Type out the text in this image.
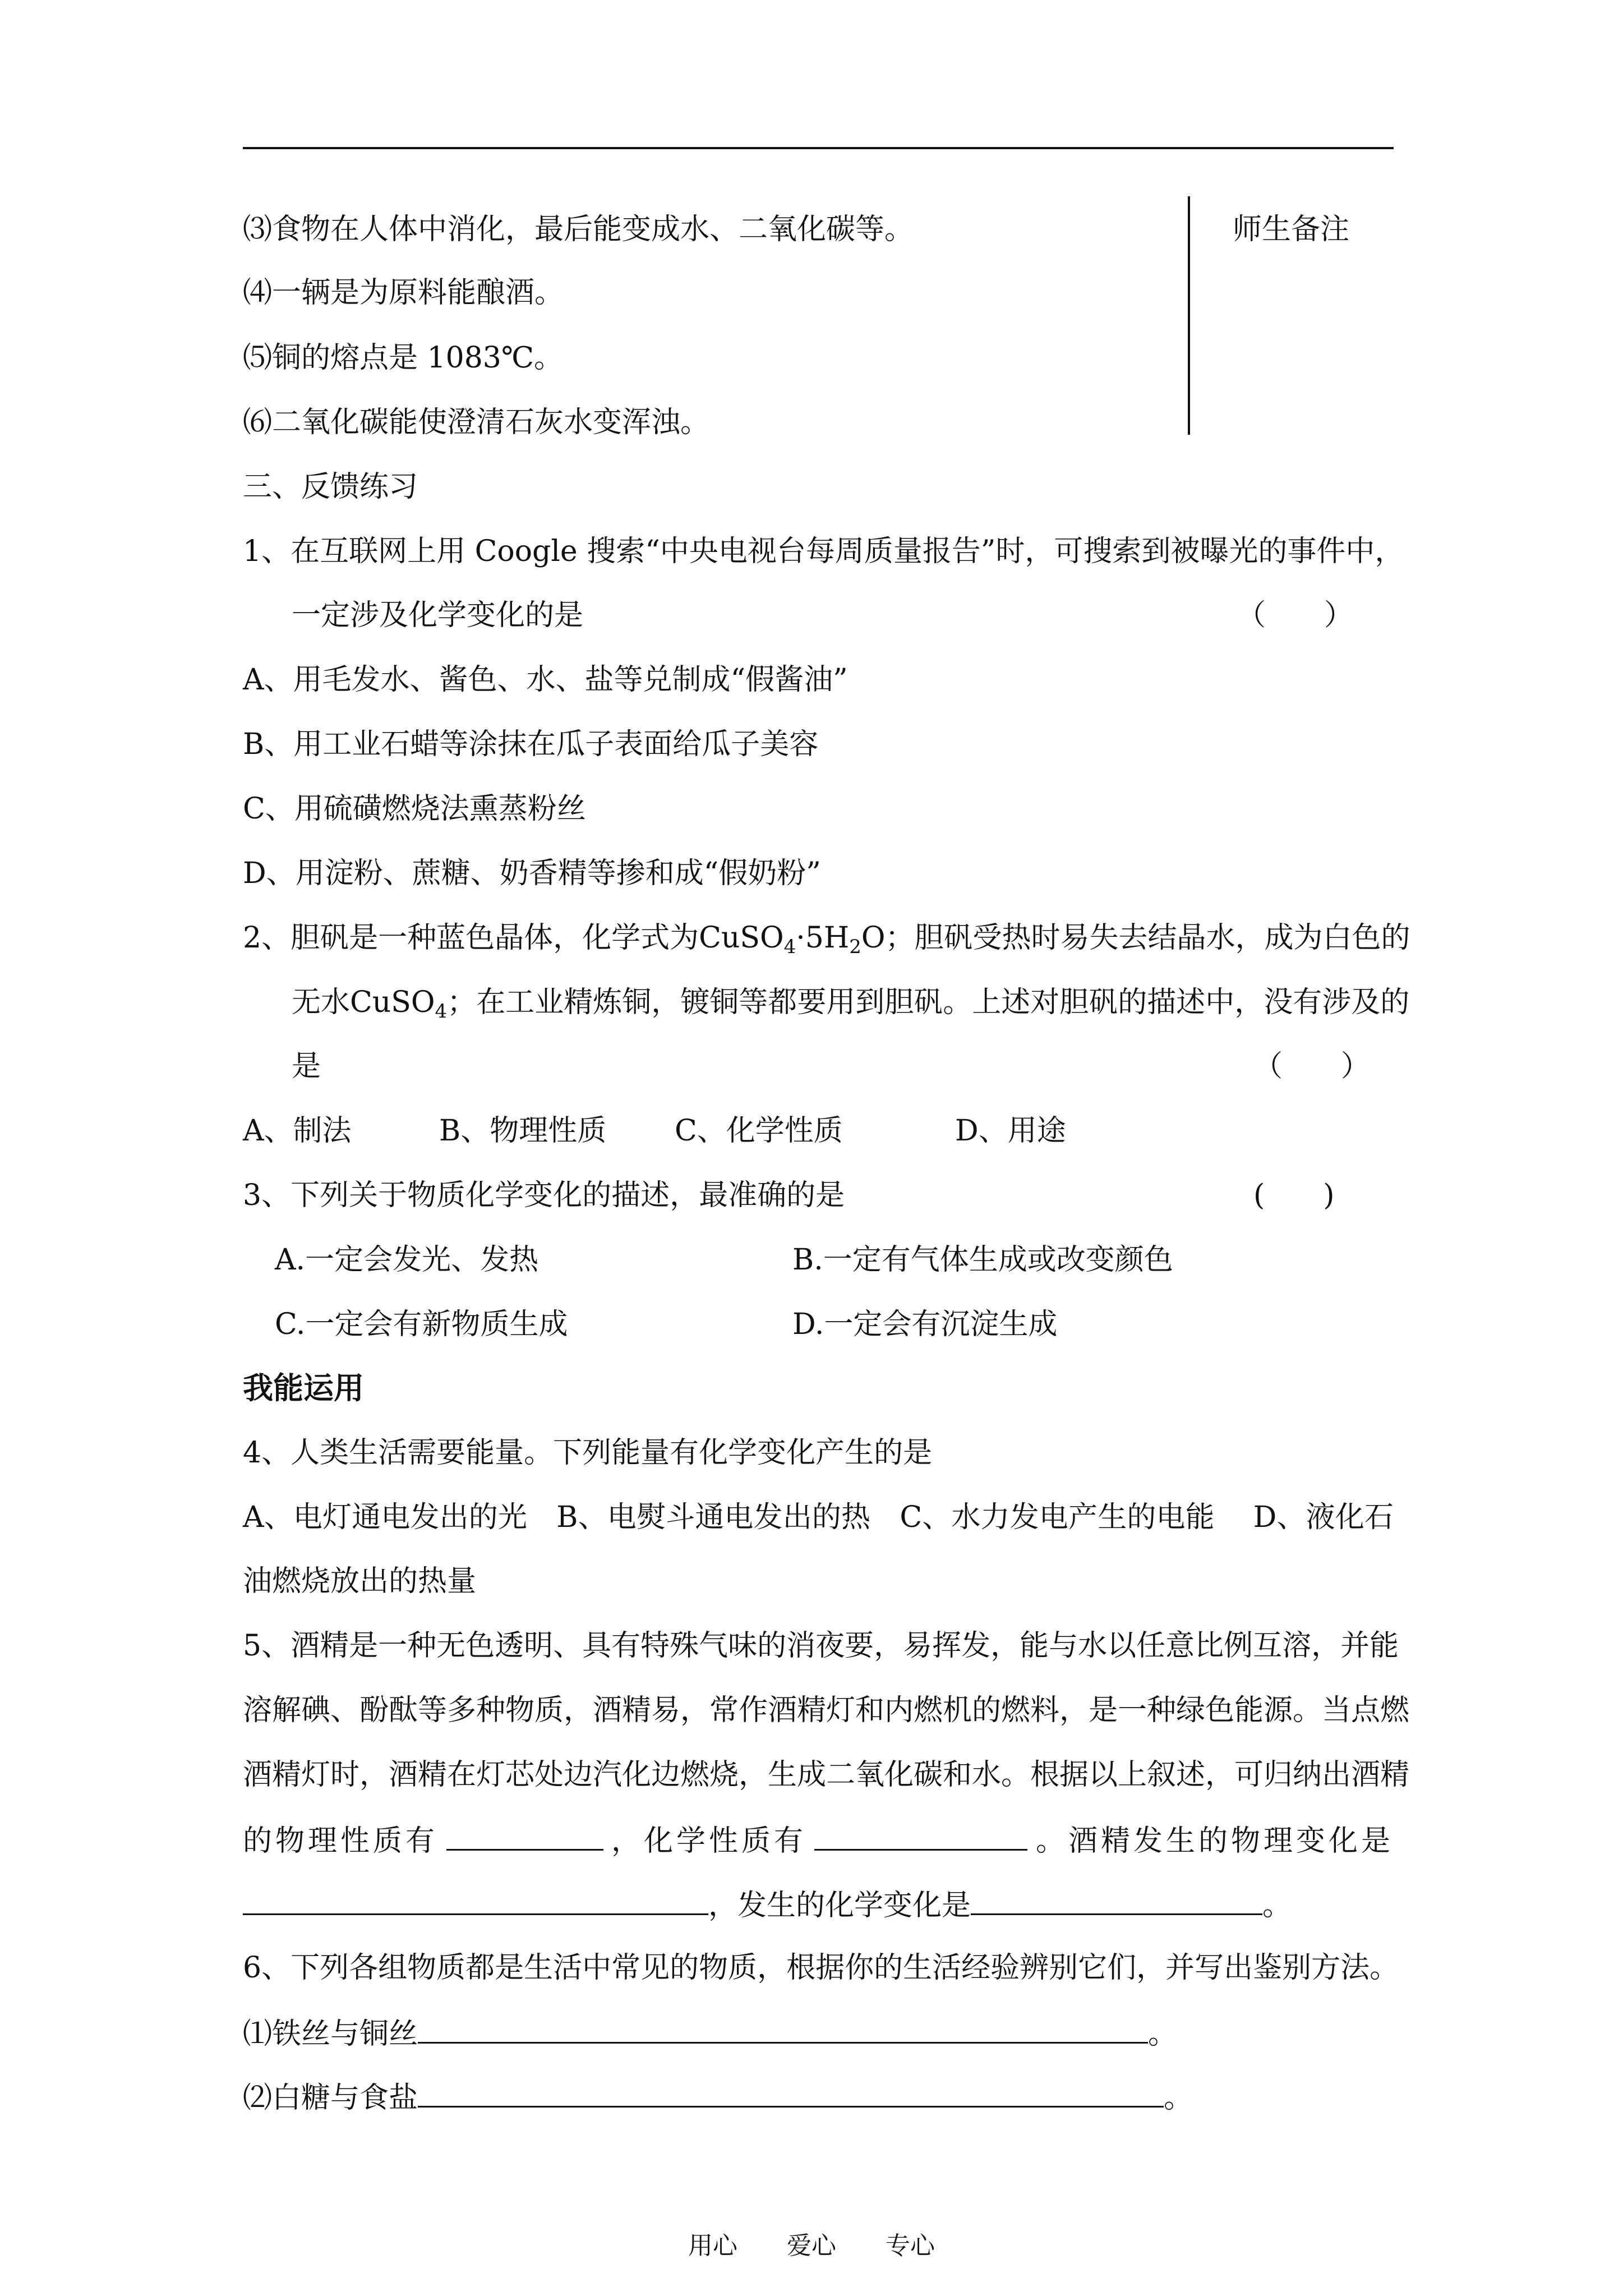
师生备注
⑶食物在人体中消化，最后能变成水、二氧化碳等。
⑷一辆是为原料能酿酒。
⑸铜的熔点是 1083℃。
⑹二氧化碳能使澄清石灰水变浑浊。
三、反馈练习
1、在互联网上用 Coogle 搜索“中央电视台每周质量报告”时，可搜索到被曝光的事件中，
一定涉及化学变化的是	（　　）
A、用毛发水、酱色、水、盐等兑制成“假酱油”
B、用工业石蜡等涂抹在瓜子表面给瓜子美容
C、用硫磺燃烧法熏蒸粉丝
D、用淀粉、蔗糖、奶香精等掺和成“假奶粉”
2、胆矾是一种蓝色晶体，化学式为$CuSO_4\cdot 5H_2O$；胆矾受热时易失去结晶水，成为白色的
无水CuSO$_4$；在工业精炼铜，镀铜等都要用到胆矾。上述对胆矾的描述中，没有涉及的
是	（　　）
A、制法	B、物理性质 C、化学性质	D、用途
3、下列关于物质化学变化的描述，最准确的是	(　　)
A.一定会发光、发热	B.一定有气体生成或改变颜色
C.一定会有新物质生成	D.一定会有沉淀生成
我能运用
4、人类生活需要能量。下列能量有化学变化产生的是
A、电灯通电发出的光　B、电熨斗通电发出的热　C、水力发电产生的电能　 D、液化石
油燃烧放出的热量
5、酒精是一种无色透明、具有特殊气味的消夜要，易挥发，能与水以任意比例互溶，并能
溶解碘、酚酞等多种物质，酒精易，常作酒精灯和内燃机的燃料，是一种绿色能源。当点燃
酒精灯时，酒精在灯芯处边汽化边燃烧，生成二氧化碳和水。根据以上叙述，可归纳出酒精
的物理性质有	，化学性质有	。酒精发生的物理变化是
，发生的化学变化是	。
6、下列各组物质都是生活中常见的物质，根据你的生活经验辨别它们，并写出鉴别方法。
⑴铁丝与铜丝	。
⑵白糖与食盐	。
用心　　爱心　　专心
